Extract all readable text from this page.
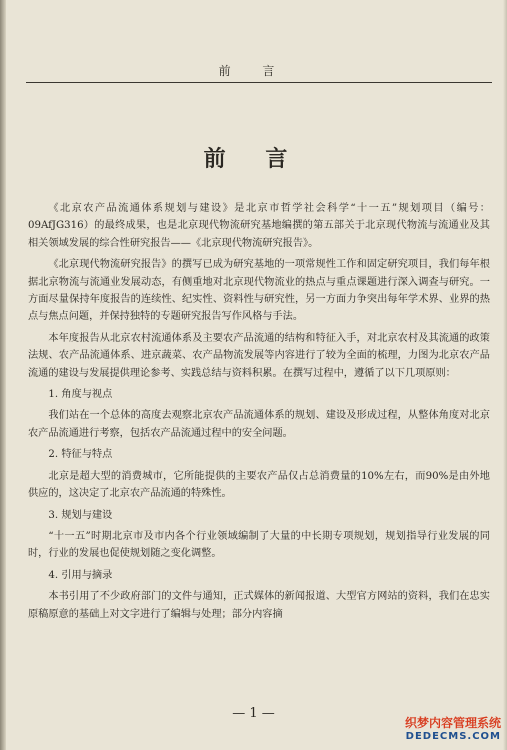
前 言
前 言

《北京农产品流通体系规划与建设》是北京市哲学社会科学“十一五”规划项目（编号：09AfJG316）的最终成果，也是北京现代物流研究基地编撰的第五部关于北京现代物流与流通业及其相关领域发展的综合性研究报告——《北京现代物流研究报告》。

《北京现代物流研究报告》的撰写已成为研究基地的一项常规性工作和固定研究项目，我们每年根据北京物流与流通业发展动态，有侧重地对北京现代物流业的热点与重点课题进行深入调查与研究。一方面尽量保持年度报告的连续性、纪实性、资料性与研究性，另一方面力争突出每年学术界、业界的热点与焦点问题，并保持独特的专题研究报告写作风格与手法。

本年度报告从北京农村流通体系及主要农产品流通的结构和特征入手，对北京农村及其流通的政策法规、农产品流通体系、进京蔬菜、农产品物流发展等内容进行了较为全面的梳理，力图为北京农产品流通的建设与发展提供理论参考、实践总结与资料积累。在撰写过程中，遵循了以下几项原则：

1. 角度与视点

我们站在一个总体的高度去观察北京农产品流通体系的规划、建设及形成过程，从整体角度对北京农产品流通进行考察，包括农产品流通过程中的安全问题。

2. 特征与特点

北京是超大型的消费城市，它所能提供的主要农产品仅占总消费量的10%左右，而90%是由外地供应的，这决定了北京农产品流通的特殊性。

3. 规划与建设

“十一五”时期北京市及市内各个行业领域编制了大量的中长期专项规划，规划指导行业发展的同时，行业的发展也促使规划随之变化调整。

4. 引用与摘录

本书引用了不少政府部门的文件与通知，正式媒体的新闻报道、大型官方网站的资料，我们在忠实原稿原意的基础上对文字进行了编辑与处理；部分内容摘

— 1 —
织梦内容管理系统
DEDECMS.COM
